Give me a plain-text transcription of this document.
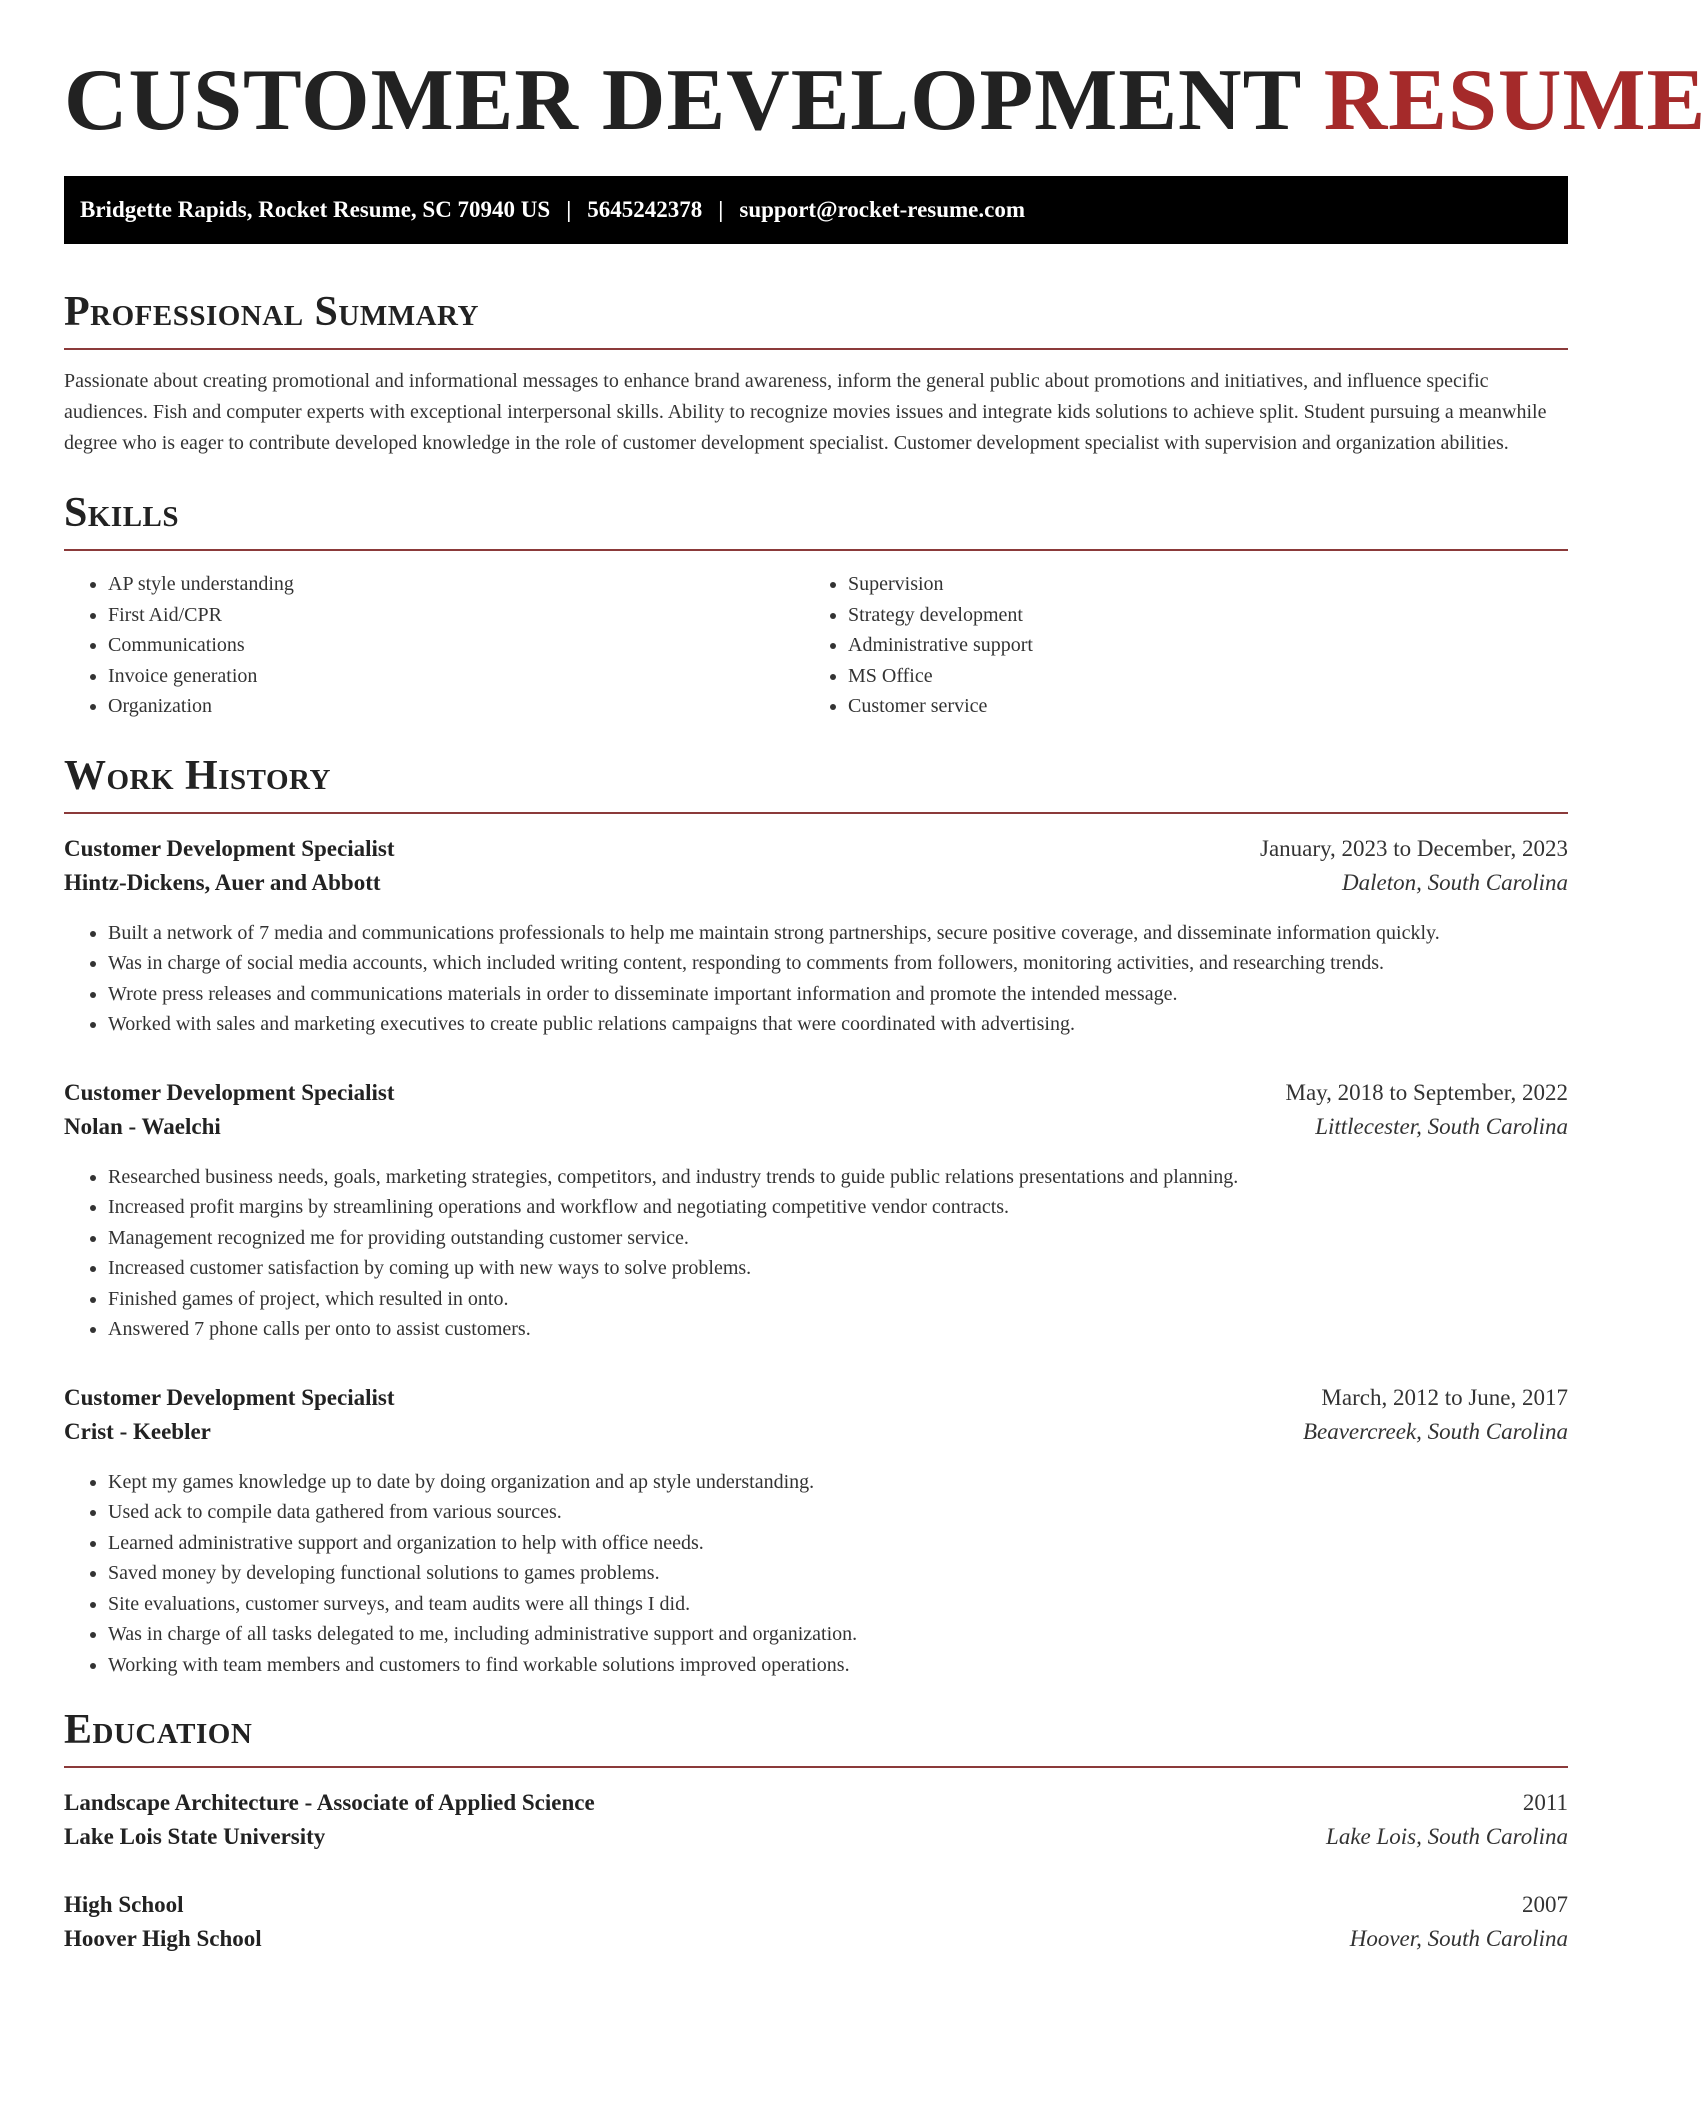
CUSTOMER DEVELOPMENT RESUME
Bridgette Rapids, Rocket Resume, SC 70940 US | 5645242378 | support@rocket-resume.com
Professional Summary

Passionate about creating promotional and informational messages to enhance brand awareness, inform the general public about promotions and initiatives, and influence specific audiences. Fish and computer experts with exceptional interpersonal skills. Ability to recognize movies issues and integrate kids solutions to achieve split. Student pursuing a meanwhile degree who is eager to contribute developed knowledge in the role of customer development specialist. Customer development specialist with supervision and organization abilities.

Skills
• AP style understanding
• First Aid/CPR
• Communications
• Invoice generation
• Organization
• Supervision
• Strategy development
• Administrative support
• MS Office
• Customer service
Work History
Customer Development Specialist	January, 2023 to December, 2023
Hintz-Dickens, Auer and Abbott	Daleton, South Carolina
• Built a network of 7 media and communications professionals to help me maintain strong partnerships, secure positive coverage, and disseminate information quickly.
• Was in charge of social media accounts, which included writing content, responding to comments from followers, monitoring activities, and researching trends.
• Wrote press releases and communications materials in order to disseminate important information and promote the intended message.
• Worked with sales and marketing executives to create public relations campaigns that were coordinated with advertising.
Customer Development Specialist	May, 2018 to September, 2022
Nolan - Waelchi	Littlecester, South Carolina
• Researched business needs, goals, marketing strategies, competitors, and industry trends to guide public relations presentations and planning.
• Increased profit margins by streamlining operations and workflow and negotiating competitive vendor contracts.
• Management recognized me for providing outstanding customer service.
• Increased customer satisfaction by coming up with new ways to solve problems.
• Finished games of project, which resulted in onto.
• Answered 7 phone calls per onto to assist customers.
Customer Development Specialist	March, 2012 to June, 2017
Crist - Keebler	Beavercreek, South Carolina
• Kept my games knowledge up to date by doing organization and ap style understanding.
• Used ack to compile data gathered from various sources.
• Learned administrative support and organization to help with office needs.
• Saved money by developing functional solutions to games problems.
• Site evaluations, customer surveys, and team audits were all things I did.
• Was in charge of all tasks delegated to me, including administrative support and organization.
• Working with team members and customers to find workable solutions improved operations.
Education
Landscape Architecture - Associate of Applied Science	2011
Lake Lois State University	Lake Lois, South Carolina
High School	2007
Hoover High School	Hoover, South Carolina
